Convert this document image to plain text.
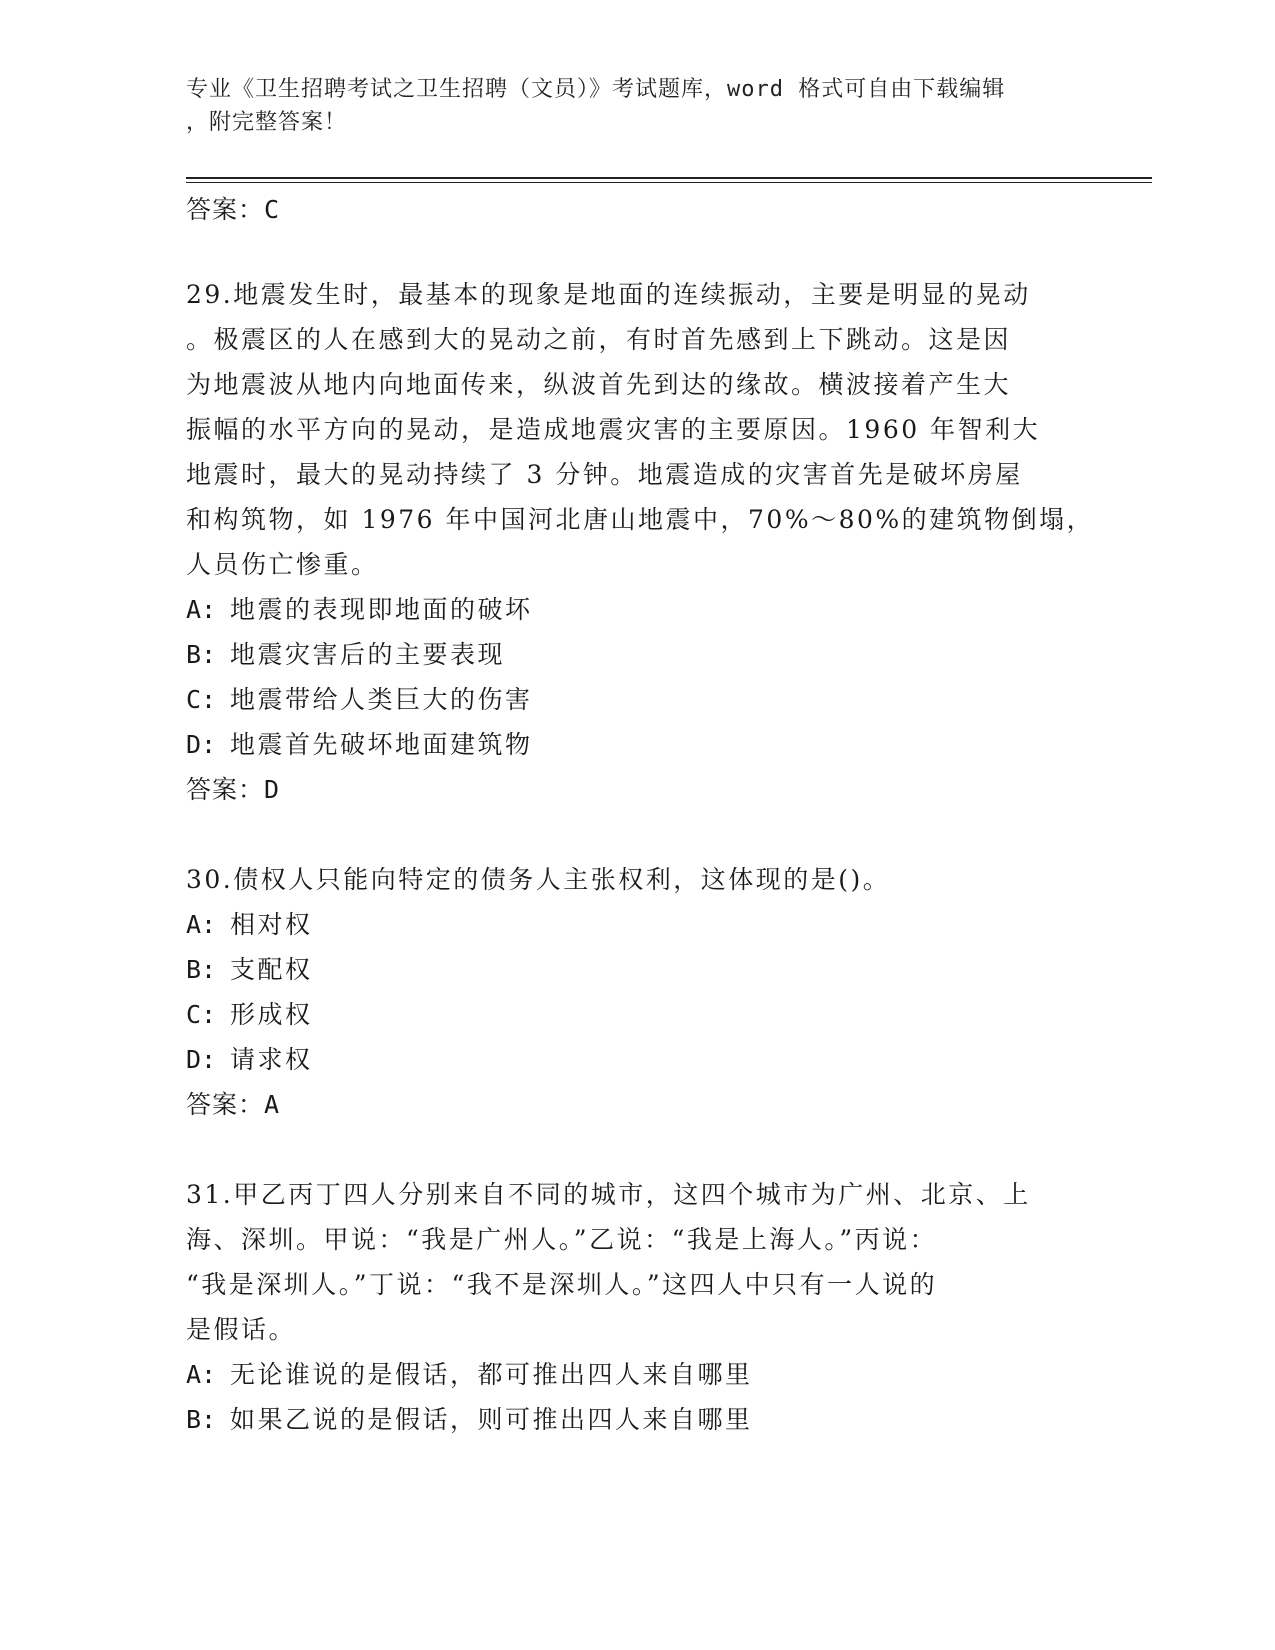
专业《卫生招聘考试之卫生招聘（文员）》考试题库，word 格式可自由下载编辑
，附完整答案！
答案：C
29.地震发生时，最基本的现象是地面的连续振动，主要是明显的晃动
。极震区的人在感到大的晃动之前，有时首先感到上下跳动。这是因
为地震波从地内向地面传来，纵波首先到达的缘故。横波接着产生大
振幅的水平方向的晃动，是造成地震灾害的主要原因。1960 年智利大
地震时，最大的晃动持续了 3 分钟。地震造成的灾害首先是破坏房屋
和构筑物，如 1976 年中国河北唐山地震中，70%～80%的建筑物倒塌，
人员伤亡惨重。
A: 地震的表现即地面的破坏
B: 地震灾害后的主要表现
C: 地震带给人类巨大的伤害
D: 地震首先破坏地面建筑物
答案：D
30.债权人只能向特定的债务人主张权利，这体现的是()。
A: 相对权
B: 支配权
C: 形成权
D: 请求权
答案：A
31.甲乙丙丁四人分别来自不同的城市，这四个城市为广州、北京、上
海、深圳。甲说：“我是广州人。”乙说：“我是上海人。”丙说：
“我是深圳人。”丁说：“我不是深圳人。”这四人中只有一人说的
是假话。
A: 无论谁说的是假话，都可推出四人来自哪里
B: 如果乙说的是假话，则可推出四人来自哪里
